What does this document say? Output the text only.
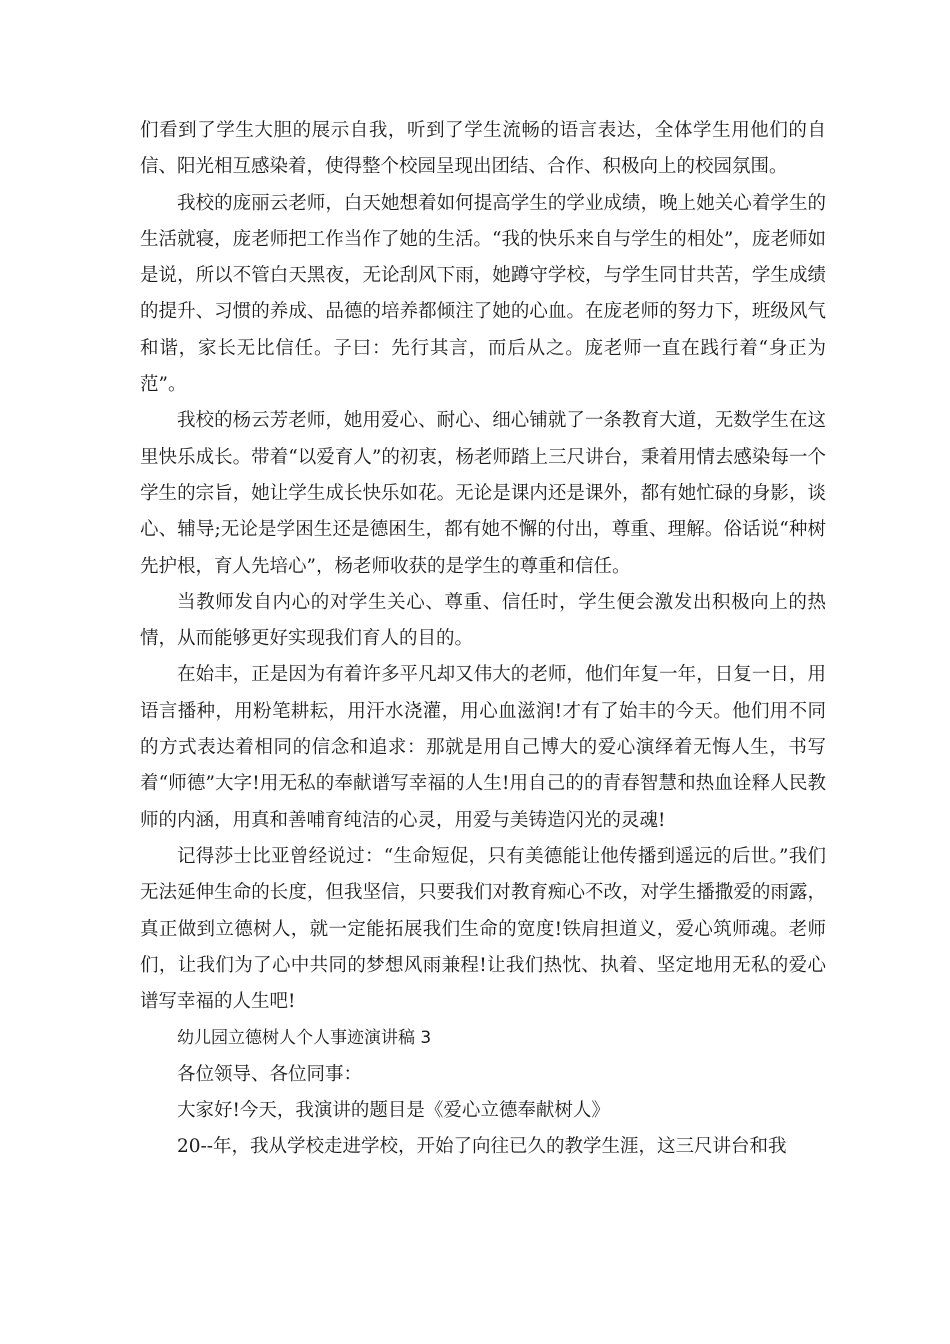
们看到了学生大胆的展示自我，听到了学生流畅的语言表达，全体学生用他们的自信、阳光相互感染着，使得整个校园呈现出团结、合作、积极向上的校园氛围。

我校的庞丽云老师，白天她想着如何提高学生的学业成绩，晚上她关心着学生的生活就寝，庞老师把工作当作了她的生活。“我的快乐来自与学生的相处”，庞老师如是说，所以不管白天黑夜，无论刮风下雨，她蹲守学校，与学生同甘共苦，学生成绩的提升、习惯的养成、品德的培养都倾注了她的心血。在庞老师的努力下，班级风气和谐，家长无比信任。子曰：先行其言，而后从之。庞老师一直在践行着“身正为范”。

我校的杨云芳老师，她用爱心、耐心、细心铺就了一条教育大道，无数学生在这里快乐成长。带着“以爱育人”的初衷，杨老师踏上三尺讲台，秉着用情去感染每一个学生的宗旨，她让学生成长快乐如花。无论是课内还是课外，都有她忙碌的身影，谈心、辅导;无论是学困生还是德困生，都有她不懈的付出，尊重、理解。俗话说“种树先护根，育人先培心”，杨老师收获的是学生的尊重和信任。

当教师发自内心的对学生关心、尊重、信任时，学生便会激发出积极向上的热情，从而能够更好实现我们育人的目的。

在始丰，正是因为有着许多平凡却又伟大的老师，他们年复一年，日复一日，用语言播种，用粉笔耕耘，用汗水浇灌，用心血滋润!才有了始丰的今天。他们用不同的方式表达着相同的信念和追求：那就是用自己博大的爱心演绎着无悔人生，书写着“师德”大字!用无私的奉献谱写幸福的人生!用自己的的青春智慧和热血诠释人民教师的内涵，用真和善哺育纯洁的心灵，用爱与美铸造闪光的灵魂!

记得莎士比亚曾经说过：“生命短促，只有美德能让他传播到遥远的后世。”我们无法延伸生命的长度，但我坚信，只要我们对教育痴心不改，对学生播撒爱的雨露，真正做到立德树人，就一定能拓展我们生命的宽度!铁肩担道义，爱心筑师魂。老师们，让我们为了心中共同的梦想风雨兼程!让我们热忱、执着、坚定地用无私的爱心谱写幸福的人生吧!

幼儿园立德树人个人事迹演讲稿 3

各位领导、各位同事：

大家好!今天，我演讲的题目是《爱心立德奉献树人》

20--年，我从学校走进学校，开始了向往已久的教学生涯，这三尺讲台和我
